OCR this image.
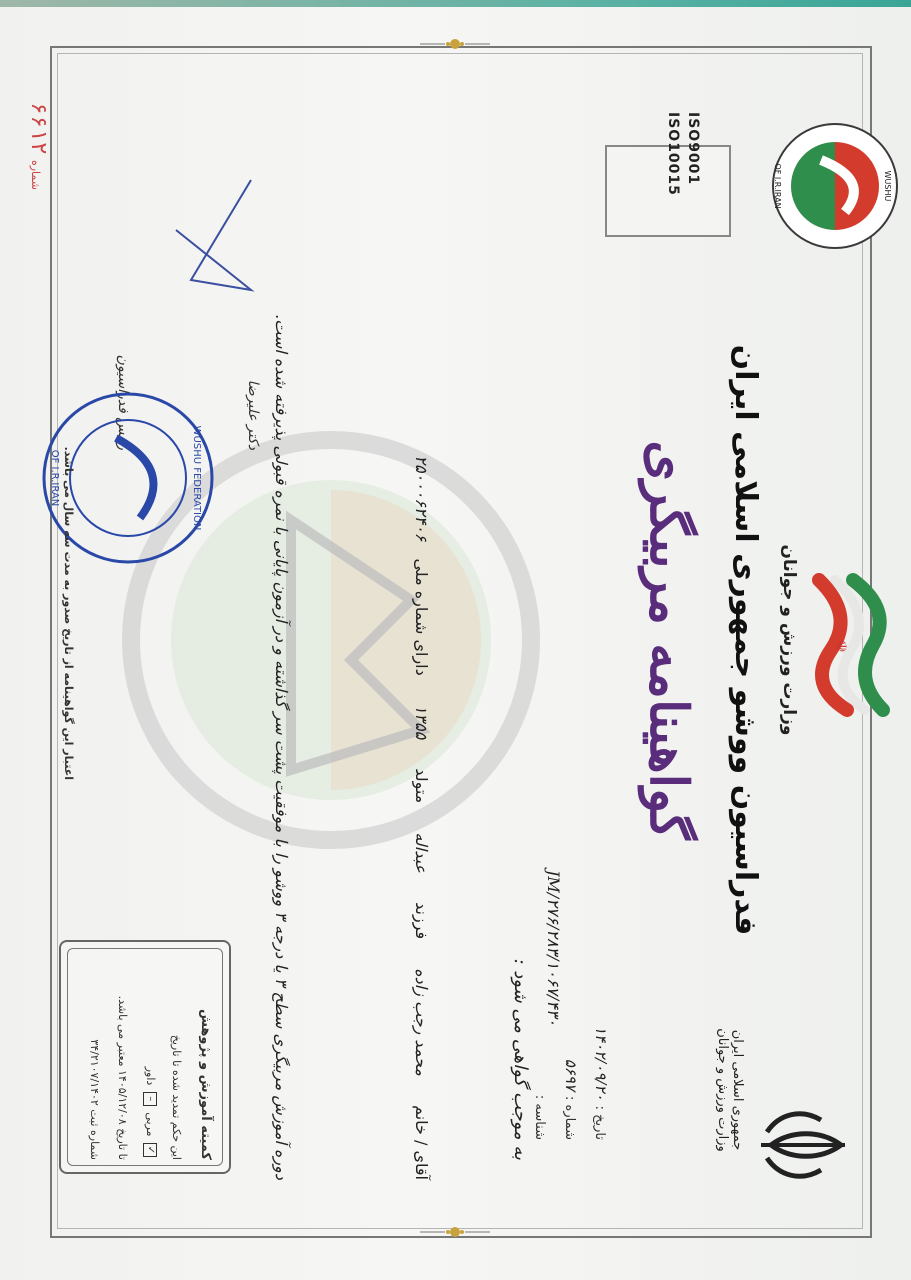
☫
وزارت ورزش و جوانان
فدراسیون ووشو جمهوری اسلامی ایران
گواهینامه مربیگری
WUSHU
OF I.R.IRAN
ISO9001
ISO10015
جمهوری اسلامی ایران
وزارت ورزش و جوانان
تاریخ : ۱۴۰۲/۰۹/۲۰
شماره : ۵۶۹۷
شناسه :
JM/۲۷۶/۲۸۳/۱۰۶۷/۴۳۰
به موجب گواهی می شود :
آقای / خانم محمد رجب زاده فرزند عبداله متولد ۱۳۵۵ دارای شماره ملی ۲۵۰۰۰۶۲۴۰۶
دوره آموزش مربیگری سطح ۳ یا درجه ۳ ووشو را با موفقیت پشت سر گذاشته و در آزمون پایانی با نمره قبولی پذیرفته شده است.
دکتر علیرضا
رئیس فدراسیون
WUSHU FEDERATION
OF I.R.IRAN
کمیته آموزش و پژوهش
این حکم تمدید شده تا تاریخ
✓ مربی – داور
تا تاریخ ۱۴۰۵/۱۲/۰۸ معتبر می باشد.
شماره ثبت ۳۴/۲۱۰۷/۱۴۰۲
اعتبار این گواهینامه از تاریخ صدور به مدت سه سال می باشد.
شماره ۶۶۱۲
